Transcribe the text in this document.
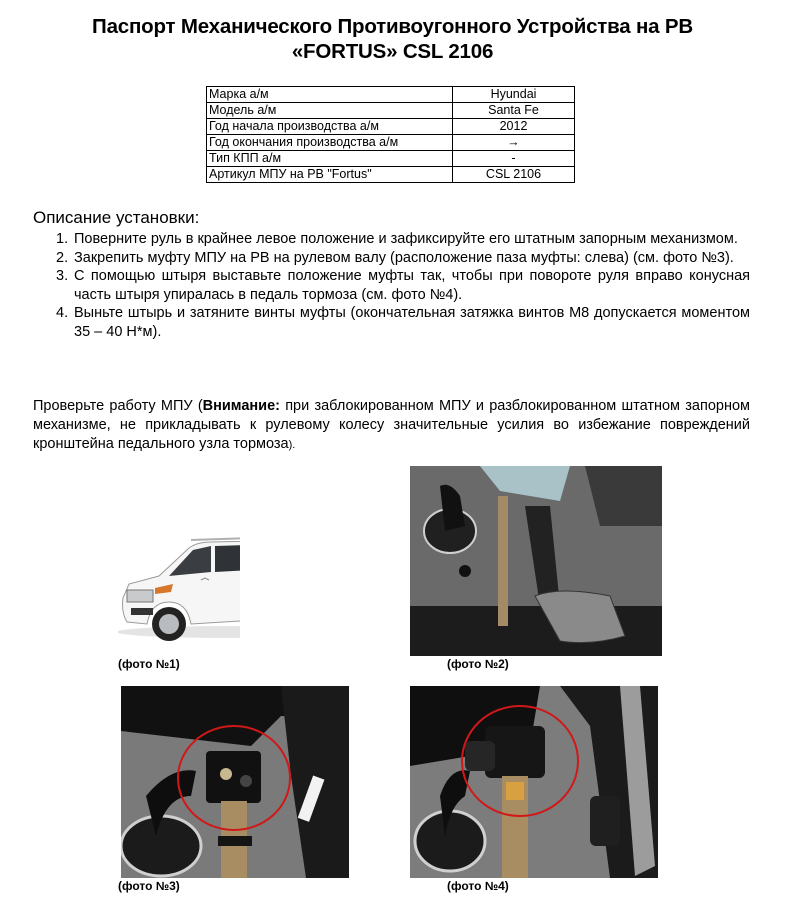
Паспорт Механического Противоугонного Устройства на РВ
«FORTUS» CSL 2106
Марка а/м	Hyundai
Модель а/м	Santa Fe
Год начала производства а/м	2012
Год окончания производства а/м	→
Тип КПП а/м	-
Артикул МПУ на РВ "Fortus"	CSL 2106
Описание установки:
1. Поверните руль в крайнее левое положение и зафиксируйте его штатным запорным механизмом.
2. Закрепить муфту МПУ на РВ на рулевом валу (расположение паза муфты: слева) (см. фото №3).
3. С помощью штыря выставьте положение муфты так, чтобы при повороте руля вправо конусная часть штыря упиралась в педаль тормоза (см. фото №4).
4. Выньте штырь и затяните винты муфты (окончательная затяжка винтов М8 допускается моментом 35 – 40 Н*м).
Проверьте работу МПУ (Внимание: при заблокированном МПУ и разблокированном штатном запорном механизме, не прикладывать к рулевому колесу значительные усилия во избежание повреждений кронштейна педального узла тормоза).
(фото №1)	(фото №2)
(фото №3)	(фото №4)
